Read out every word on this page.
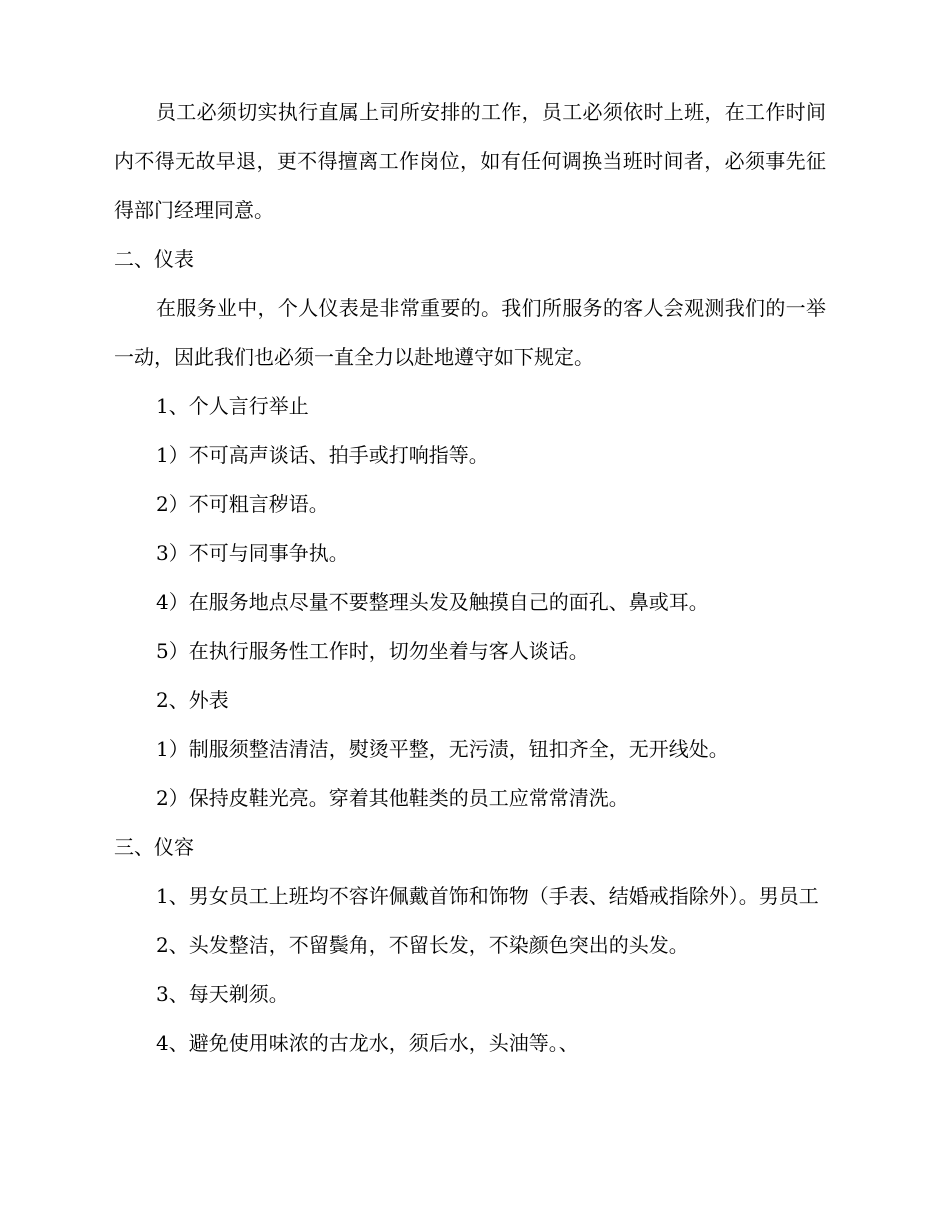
员工必须切实执行直属上司所安排的工作，员工必须依时上班，在工作时间内不得无故早退，更不得擅离工作岗位，如有任何调换当班时间者，必须事先征得部门经理同意。

二、仪表

在服务业中，个人仪表是非常重要的。我们所服务的客人会观测我们的一举一动，因此我们也必须一直全力以赴地遵守如下规定。

1、个人言行举止

1）不可高声谈话、拍手或打响指等。

2）不可粗言秽语。

3）不可与同事争执。

4）在服务地点尽量不要整理头发及触摸自己的面孔、鼻或耳。

5）在执行服务性工作时，切勿坐着与客人谈话。

2、外表

1）制服须整洁清洁，熨烫平整，无污渍，钮扣齐全，无开线处。

2）保持皮鞋光亮。穿着其他鞋类的员工应常常清洗。

三、仪容

1、男女员工上班均不容许佩戴首饰和饰物（手表、结婚戒指除外）。男员工

2、头发整洁，不留鬓角，不留长发，不染颜色突出的头发。

3、每天剃须。

4、避免使用味浓的古龙水，须后水，头油等。、
